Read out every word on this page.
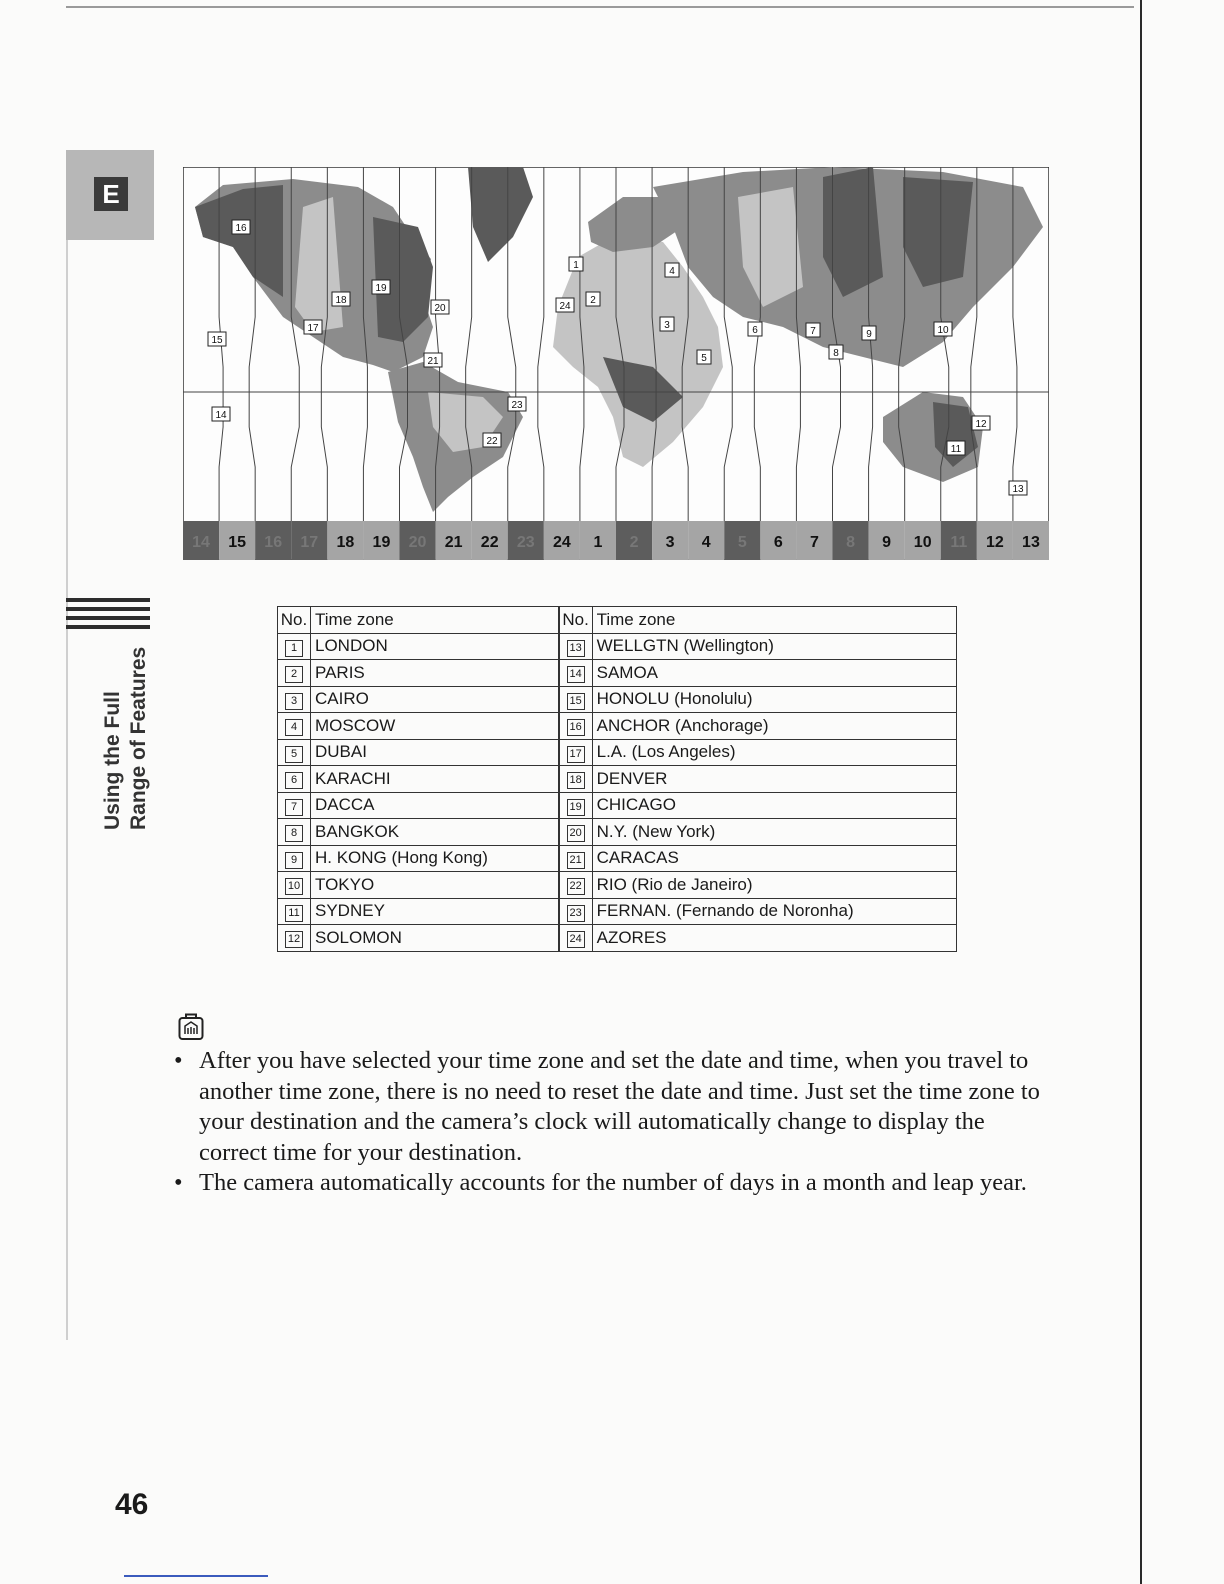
E
Using the Full Range of Features
1
2
3
4
5
6	7
8
9	10
11
12
13
14
15
16
17
18
19
20
21
22
23
24
14 15 16 17 18 19 20 21 22 23 24 1 2 3 4 5 6 7 8 9 10 11 12 13
No.	Time zone	No.	Time zone
1	LONDON	13	WELLGTN (Wellington)
2	PARIS	14	SAMOA
3	CAIRO	15	HONOLU (Honolulu)
4	MOSCOW	16	ANCHOR (Anchorage)
5	DUBAI	17	L.A. (Los Angeles)
6	KARACHI	18	DENVER
7	DACCA	19	CHICAGO
8	BANGKOK	20	N.Y. (New York)
9	H. KONG (Hong Kong)	21	CARACAS
10	TOKYO	22	RIO (Rio de Janeiro)
11	SYDNEY	23	FERNAN. (Fernando de Noronha)
12	SOLOMON	24	AZORES
• After you have selected your time zone and set the date and time, when you travel to another time zone, there is no need to reset the date and time. Just set the time zone to your destination and the camera’s clock will automatically change to display the correct time for your destination.
• The camera automatically accounts for the number of days in a month and leap year.
46
